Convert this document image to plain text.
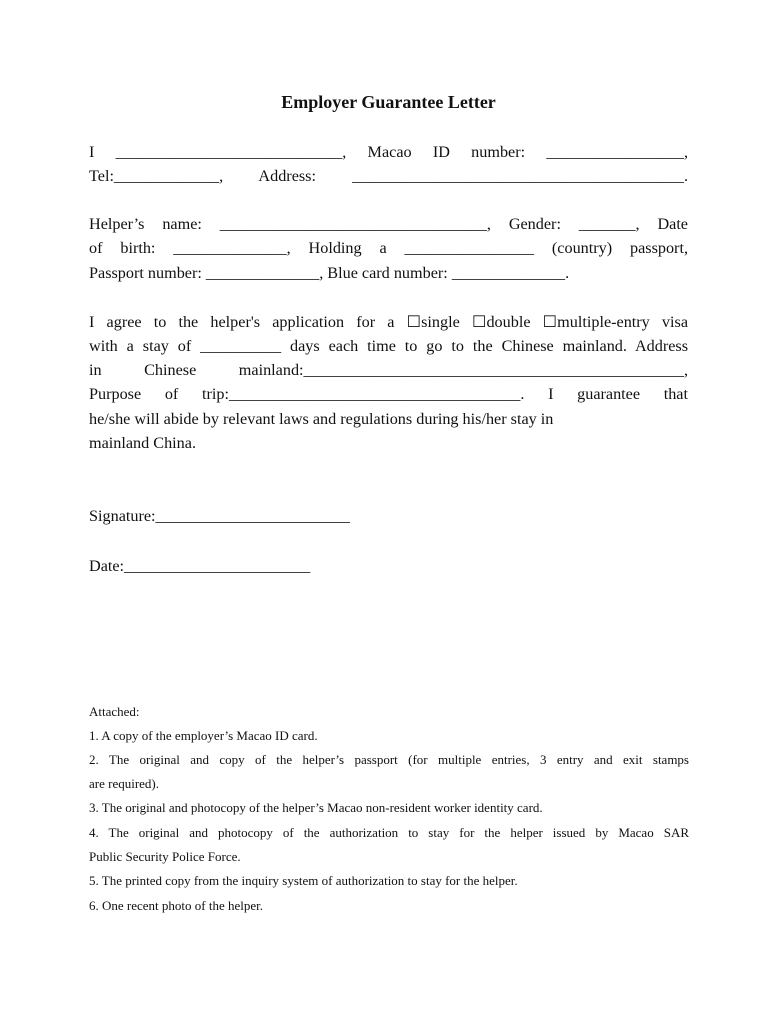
Employer Guarantee Letter
I ____________________________, Macao ID number: _________________,
Tel:_____________, Address: _________________________________________.
Helper’s name: _________________________________, Gender: _______, Date
of birth: ______________, Holding a ________________ (country) passport,
Passport number: ______________, Blue card number: ______________.
I agree to the helper's application for a ☐single ☐double ☐multiple-entry visa
with a stay of __________ days each time to go to the Chinese mainland. Address
in Chinese mainland:_______________________________________________,
Purpose of trip:____________________________________. I guarantee that
he/she will abide by relevant laws and regulations during his/her stay in
mainland China.
Signature:________________________
Date:_______________________
Attached:
1. A copy of the employer’s Macao ID card.
2. The original and copy of the helper’s passport (for multiple entries, 3 entry and exit stamps
are required).
3. The original and photocopy of the helper’s Macao non-resident worker identity card.
4. The original and photocopy of the authorization to stay for the helper issued by Macao SAR
Public Security Police Force.
5. The printed copy from the inquiry system of authorization to stay for the helper.
6. One recent photo of the helper.
